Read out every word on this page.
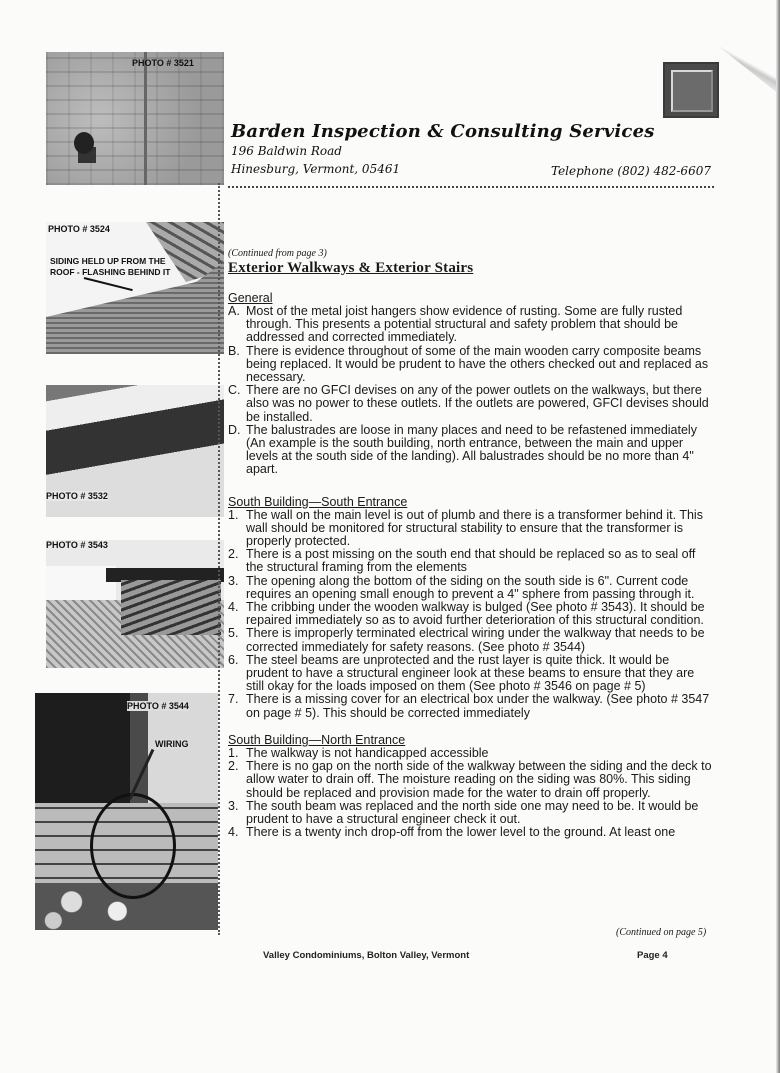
PHOTO # 3521
PHOTO # 3524
SIDING HELD UP FROM THE
ROOF - FLASHING BEHIND IT
PHOTO # 3532
PHOTO # 3543
PHOTO # 3544
WIRING
Barden Inspection & Consulting Services
196 Baldwin Road
Hinesburg, Vermont, 05461	Telephone (802) 482-6607

(Continued from page 3)

Exterior Walkways & Exterior Stairs

General

A. Most of the metal joist hangers show evidence of rusting. Some are fully rusted through. This presents a potential structural and safety problem that should be addressed and corrected immediately.
B. There is evidence throughout of some of the main wooden carry composite beams being replaced. It would be prudent to have the others checked out and replaced as necessary.
C. There are no GFCI devises on any of the power outlets on the walkways, but there also was no power to these outlets. If the outlets are powered, GFCI devises should be installed.
D. The balustrades are loose in many places and need to be refastened immediately (An example is the south building, north entrance, between the main and upper levels at the south side of the landing). All balustrades should be no more than 4" apart.

South Building—South Entrance

1. The wall on the main level is out of plumb and there is a transformer behind it. This wall should be monitored for structural stability to ensure that the transformer is properly protected.
2. There is a post missing on the south end that should be replaced so as to seal off the structural framing from the elements
3. The opening along the bottom of the siding on the south side is 6". Current code requires an opening small enough to prevent a 4" sphere from passing through it.
4. The cribbing under the wooden walkway is bulged (See photo # 3543). It should be repaired immediately so as to avoid further deterioration of this structural condition.
5. There is improperly terminated electrical wiring under the walkway that needs to be corrected immediately for safety reasons. (See photo # 3544)
6. The steel beams are unprotected and the rust layer is quite thick. It would be prudent to have a structural engineer look at these beams to ensure that they are still okay for the loads imposed on them (See photo # 3546 on page # 5)
7. There is a missing cover for an electrical box under the walkway. (See photo # 3547 on page # 5). This should be corrected immediately

South Building—North Entrance

1. The walkway is not handicapped accessible
2. There is no gap on the north side of the walkway between the siding and the deck to allow water to drain off. The moisture reading on the siding was 80%. This siding should be replaced and provision made for the water to drain off properly.
3. The south beam was replaced and the north side one may need to be. It would be prudent to have a structural engineer check it out.
4. There is a twenty inch drop-off from the lower level to the ground. At least one
(Continued on page 5)
Valley Condominiums, Bolton Valley, Vermont	Page 4
